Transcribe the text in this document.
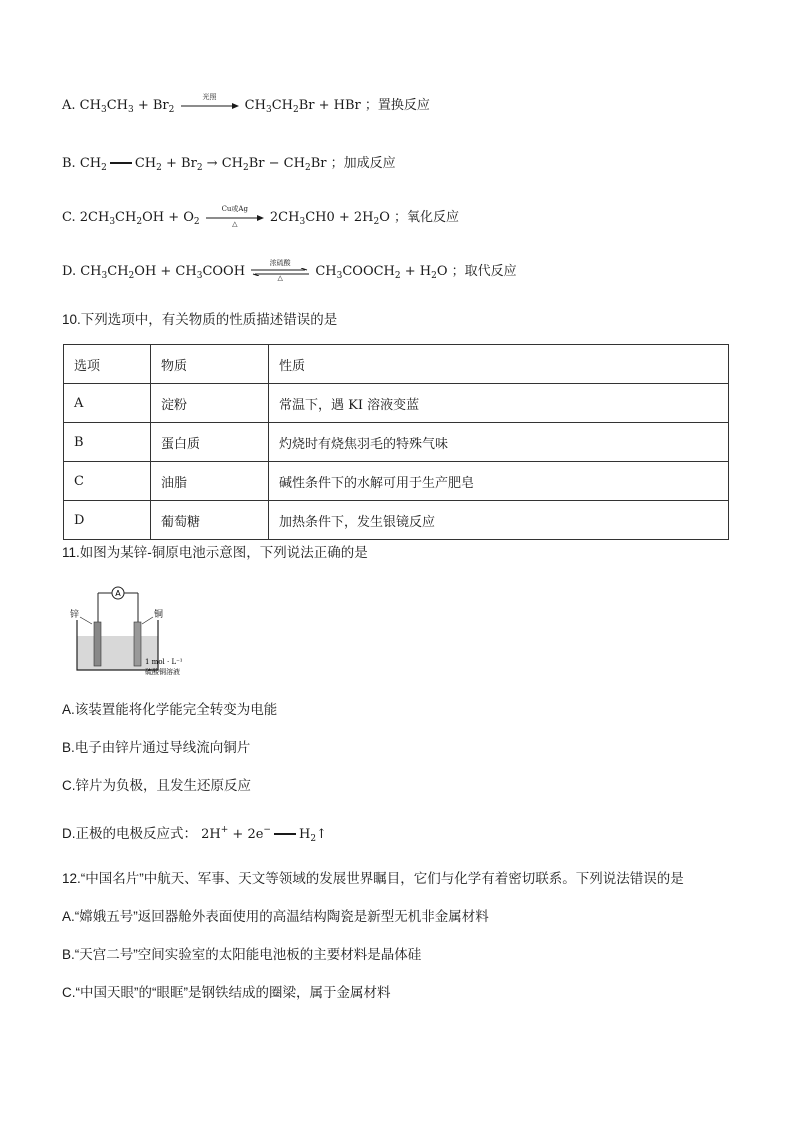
A. $CH_3CH_3 + Br_2$
光照
$CH_3CH_2Br$ + HBr ；置换反应
B. $CH_2$ $CH_2 + Br_2 \to CH_2Br - CH_2Br$ ；加成反应
C. $2CH_3CH_2OH + O_2$
Cu或Ag
△	$2CH_3CH0 + 2H_2O$ ；氧化反应
D. $CH_3CH_2OH$ + $CH_3COOH$
浓硫酸
△	$CH_3COOCH_2 + H_2O$ ；取代反应
10.下列选项中，有关物质的性质描述错误的是
选项	物质	性质
A	淀粉	常温下，遇 KI 溶液变蓝
B	蛋白质	灼烧时有烧焦羽毛的特殊气味
C	油脂	碱性条件下的水解可用于生产肥皂
D	葡萄糖	加热条件下，发生银镜反应
11.如图为某锌-铜原电池示意图，下列说法正确的是
A
锌	铜
1 mol · L⁻¹
硫酸铜溶液
A.该装置能将化学能完全转变为电能
B.电子由锌片通过导线流向铜片
C.锌片为负极，且发生还原反应
D.正极的电极反应式： 2H+ + 2e− $H_2↑$
12.“中国名片”中航天、军事、天文等领域的发展世界瞩目，它们与化学有着密切联系。下列说法错误的是
A.“嫦娥五号”返回器舱外表面使用的高温结构陶瓷是新型无机非金属材料
B.“天宫二号”空间实验室的太阳能电池板的主要材料是晶体硅
C.“中国天眼”的“眼眶”是钢铁结成的圈梁，属于金属材料
